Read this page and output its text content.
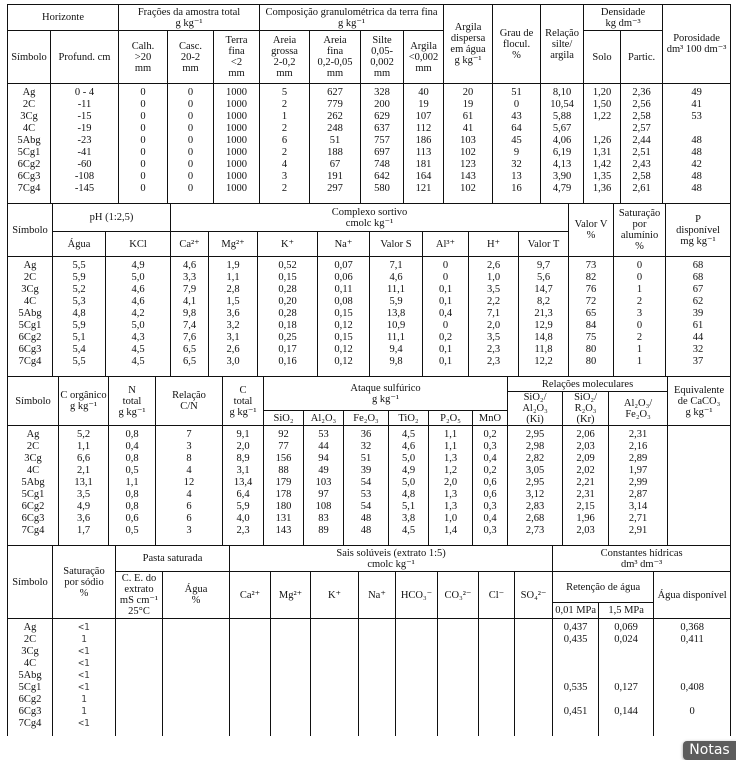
Horizonte		Frações da amostra total
g kg⁻¹			Composição granulométrica da terra fina
g kg⁻¹				Argila
dispersa
em água
g kg⁻¹	Grau de
flocul.
%	Relação
silte/
argila	Densidade
kg dm⁻³		Porosidade
dm³ 100 dm⁻³
Símbolo	Profund. cm	Calh.
>20
mm	Casc.
20-2
mm	Terra
fina
<2
mm	Areia
grossa
2-0,2
mm	Areia
fina
0,2-0,05
mm	Silte
0,05-0,002
mm	Argila
<0,002
mm				Solo	Partic.	
Ag	0 - 4	0	0	1000	5	627	328	40	20	51	8,10	1,20	2,36	49
2C	-11	0	0	1000	2	779	200	19	19	0	10,54	1,50	2,56	41
3Cg	-15	0	0	1000	1	262	629	107	61	43	5,88	1,22	2,58	53
4C	-19	0	0	1000	2	248	637	112	41	64	5,67		2,57	
5Abg	-23	0	0	1000	6	51	757	186	103	45	4,06	1,26	2,44	48
5Cg1	-41	0	0	1000	2	188	697	113	102	9	6,19	1,31	2,51	48
6Cg2	-60	0	0	1000	4	67	748	181	123	32	4,13	1,42	2,43	42
6Cg3	-108	0	0	1000	3	191	642	164	143	13	3,90	1,35	2,58	48
7Cg4	-145	0	0	1000	2	297	580	121	102	16	4,79	1,36	2,61	48

Símbolo	pH (1:2,5)		Complexo sortivo
cmolc kg⁻¹								Valor V
%	Saturação
por
alumínio
%	P
disponível
mg kg⁻¹
	Água	KCl	Ca²⁺	Mg²⁺	K⁺	Na⁺	Valor S	Al³⁺	H⁺	Valor T			
Ag	5,5	4,9	4,6	1,9	0,52	0,07	7,1	0	2,6	9,7	73	0	68
2C	5,9	5,0	3,3	1,1	0,15	0,06	4,6	0	1,0	5,6	82	0	68
3Cg	5,2	4,6	7,9	2,8	0,28	0,11	11,1	0,1	3,5	14,7	76	1	67
4C	5,3	4,6	4,1	1,5	0,20	0,08	5,9	0,1	2,2	8,2	72	2	62
5Abg	4,8	4,2	9,8	3,6	0,28	0,15	13,8	0,4	7,1	21,3	65	3	39
5Cg1	5,9	5,0	7,4	3,2	0,18	0,12	10,9	0	2,0	12,9	84	0	61
6Cg2	5,1	4,3	7,6	3,1	0,25	0,15	11,1	0,2	3,5	14,8	75	2	44
6Cg3	5,4	4,5	6,5	2,6	0,17	0,12	9,4	0,1	2,3	11,8	80	1	32
7Cg4	5,5	4,5	6,5	3,0	0,16	0,12	9,8	0,1	2,3	12,2	80	1	37

Símbolo	C orgânico
g kg⁻¹	N
total
g kg⁻¹	Relação
C/N	C
total
g kg⁻¹	Ataque sulfúrico
g kg⁻¹						Relações moleculares			Equivalente
de CaCO₃
g kg⁻¹
											SiO₂/
Al₂O₃
(Ki)	SiO₂/
R₂O₃
(Kr)	Al₂O₃/
Fe₂O₃	
					SiO₂	Al₂O₃	Fe₂O₃	TiO₂	P₂O₅	MnO				
Ag	5,2	0,8	7	9,1	92	53	36	4,5	1,1	0,2	2,95	2,06	2,31	
2C	1,1	0,4	3	2,0	77	44	32	4,6	1,1	0,3	2,98	2,03	2,16	
3Cg	6,6	0,8	8	8,9	156	94	51	5,0	1,3	0,4	2,82	2,09	2,89	
4C	2,1	0,5	4	3,1	88	49	39	4,9	1,2	0,2	3,05	2,02	1,97	
5Abg	13,1	1,1	12	13,4	179	103	54	5,0	2,0	0,6	2,95	2,21	2,99	
5Cg1	3,5	0,8	4	6,4	178	97	53	4,8	1,3	0,6	3,12	2,31	2,87	
6Cg2	4,9	0,8	6	5,9	180	108	54	5,1	1,3	0,3	2,83	2,15	3,14	
6Cg3	3,6	0,6	6	4,0	131	83	48	3,8	1,0	0,4	2,68	1,96	2,71	
7Cg4	1,7	0,5	3	2,3	143	89	48	4,5	1,4	0,3	2,73	2,03	2,91	

Símbolo	Saturação
por sódio
%	Pasta saturada		Sais solúveis (extrato 1:5)
cmolc kg⁻¹								Constantes hídricas
dm³ dm⁻³		
		C. E. do
extrato
mS cm⁻¹
25°C	Água
%	Ca²⁺	Mg²⁺	K⁺	Na⁺	HCO₃⁻	CO₃²⁻	Cl⁻	SO₄²⁻	Retenção de água		Água disponível
												0,01 MPa	1,5 MPa	
Ag	<1											0,437	0,069	0,368
2C	1											0,435	0,024	0,411
3Cg	<1													
4C	<1													
5Abg	<1													
5Cg1	<1											0,535	0,127	0,408
6Cg2	1													
6Cg3	1											0,451	0,144	0
7Cg4	<1													

Notas
